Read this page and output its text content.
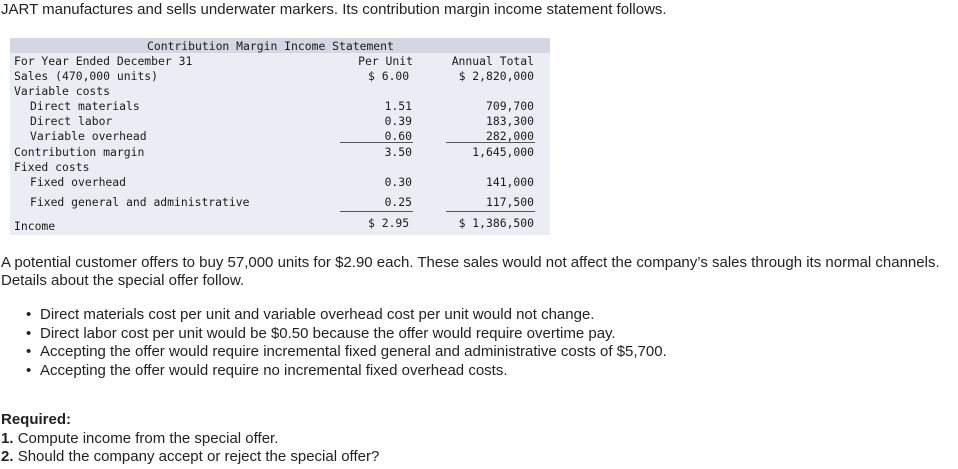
JART manufactures and sells underwater markers. Its contribution margin income statement follows.
Contribution Margin Income Statement
For Year Ended December 31	Per Unit	Annual Total
Sales (470,000 units)	$ 6.00	$ 2,820,000
Variable costs
Direct materials	1.51	709,700
Direct labor	0.39	183,300
Variable overhead	0.60	282,000
Contribution margin	3.50	1,645,000
Fixed costs
Fixed overhead	0.30	141,000
Fixed general and administrative	0.25	117,500
Income	$ 2.95	$ 1,386,500
A potential customer offers to buy 57,000 units for $2.90 each. These sales would not affect the company’s sales through its normal channels. Details about the special offer follow.
• Direct materials cost per unit and variable overhead cost per unit would not change.
• Direct labor cost per unit would be $0.50 because the offer would require overtime pay.
• Accepting the offer would require incremental fixed general and administrative costs of $5,700.
• Accepting the offer would require no incremental fixed overhead costs.
Required:
1. Compute income from the special offer.
2. Should the company accept or reject the special offer?
